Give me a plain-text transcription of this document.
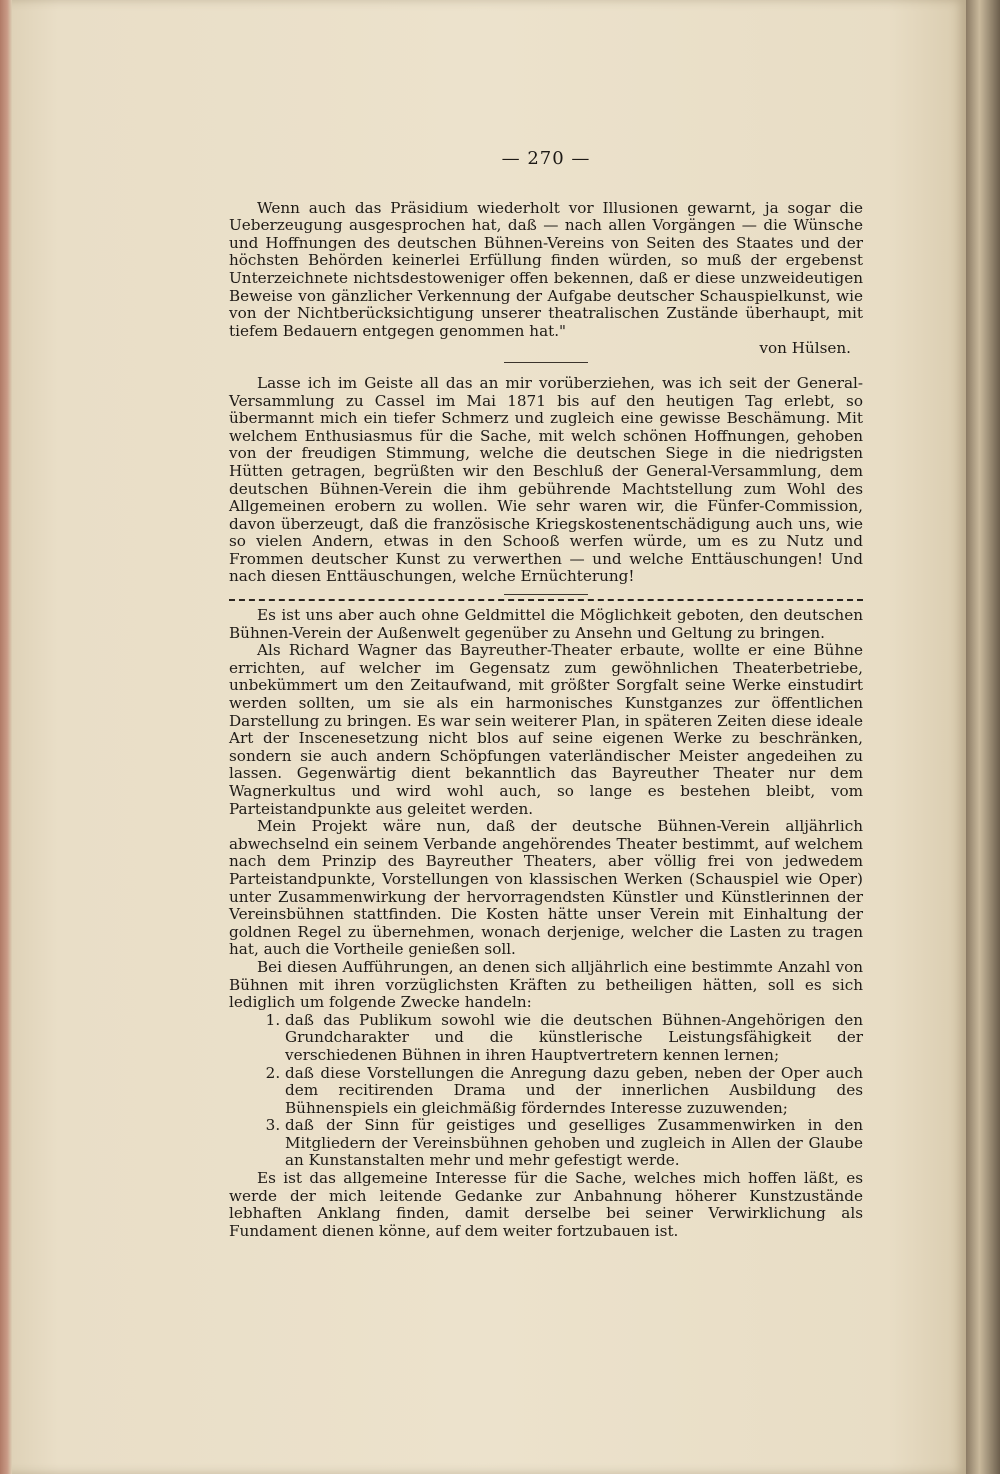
— 270 —

Wenn auch das Präsidium wiederholt vor Illusionen gewarnt, ja sogar die Ueberzeugung ausgesprochen hat, daß — nach allen Vorgängen — die Wünsche und Hoffnungen des deutschen Bühnen-Vereins von Seiten des Staates und der höchsten Behörden keinerlei Erfüllung finden würden, so muß der ergebenst Unterzeichnete nichtsdestoweniger offen bekennen, daß er diese unzweideutigen Beweise von gänzlicher Verkennung der Aufgabe deutscher Schauspielkunst, wie von der Nichtberücksichtigung unserer theatralischen Zustände überhaupt, mit tiefem Bedauern entgegen genommen hat."

von Hülsen.

Lasse ich im Geiste all das an mir vorüberziehen, was ich seit der General-Versammlung zu Cassel im Mai 1871 bis auf den heutigen Tag erlebt, so übermannt mich ein tiefer Schmerz und zugleich eine gewisse Beschämung. Mit welchem Enthusiasmus für die Sache, mit welch schönen Hoffnungen, gehoben von der freudigen Stimmung, welche die deutschen Siege in die niedrigsten Hütten getragen, begrüßten wir den Beschluß der General-Versammlung, dem deutschen Bühnen-Verein die ihm gebührende Machtstellung zum Wohl des Allgemeinen erobern zu wollen. Wie sehr waren wir, die Fünfer-Commission, davon überzeugt, daß die französische Kriegskostenentschädigung auch uns, wie so vielen Andern, etwas in den Schooß werfen würde, um es zu Nutz und Frommen deutscher Kunst zu verwerthen — und welche Enttäuschungen! Und nach diesen Enttäuschungen, welche Ernüchterung!

Es ist uns aber auch ohne Geldmittel die Möglichkeit geboten, den deutschen Bühnen-Verein der Außenwelt gegenüber zu Ansehn und Geltung zu bringen.

Als Richard Wagner das Bayreuther-Theater erbaute, wollte er eine Bühne errichten, auf welcher im Gegensatz zum gewöhnlichen Theaterbetriebe, unbekümmert um den Zeitaufwand, mit größter Sorgfalt seine Werke einstudirt werden sollten, um sie als ein harmonisches Kunstganzes zur öffentlichen Darstellung zu bringen. Es war sein weiterer Plan, in späteren Zeiten diese ideale Art der Inscenesetzung nicht blos auf seine eigenen Werke zu beschränken, sondern sie auch andern Schöpfungen vaterländischer Meister angedeihen zu lassen. Gegenwärtig dient bekanntlich das Bayreuther Theater nur dem Wagnerkultus und wird wohl auch, so lange es bestehen bleibt, vom Parteistandpunkte aus geleitet werden.

Mein Projekt wäre nun, daß der deutsche Bühnen-Verein alljährlich abwechselnd ein seinem Verbande angehörendes Theater bestimmt, auf welchem nach dem Prinzip des Bayreuther Theaters, aber völlig frei von jedwedem Parteistandpunkte, Vorstellungen von klassischen Werken (Schauspiel wie Oper) unter Zusammenwirkung der hervorragendsten Künstler und Künstlerinnen der Vereinsbühnen stattfinden. Die Kosten hätte unser Verein mit Einhaltung der goldnen Regel zu übernehmen, wonach derjenige, welcher die Lasten zu tragen hat, auch die Vortheile genießen soll.

Bei diesen Aufführungen, an denen sich alljährlich eine bestimmte Anzahl von Bühnen mit ihren vorzüglichsten Kräften zu betheiligen hätten, soll es sich lediglich um folgende Zwecke handeln:

1. daß das Publikum sowohl wie die deutschen Bühnen-Angehörigen den Grundcharakter und die künstlerische Leistungsfähigkeit der verschiedenen Bühnen in ihren Hauptvertretern kennen lernen;
2. daß diese Vorstellungen die Anregung dazu geben, neben der Oper auch dem recitirenden Drama und der innerlichen Ausbildung des Bühnenspiels ein gleichmäßig förderndes Interesse zuzuwenden;
3. daß der Sinn für geistiges und geselliges Zusammenwirken in den Mitgliedern der Vereinsbühnen gehoben und zugleich in Allen der Glaube an Kunstanstalten mehr und mehr gefestigt werde.

Es ist das allgemeine Interesse für die Sache, welches mich hoffen läßt, es werde der mich leitende Gedanke zur Anbahnung höherer Kunstzustände lebhaften Anklang finden, damit derselbe bei seiner Verwirklichung als Fundament dienen könne, auf dem weiter fortzubauen ist.
